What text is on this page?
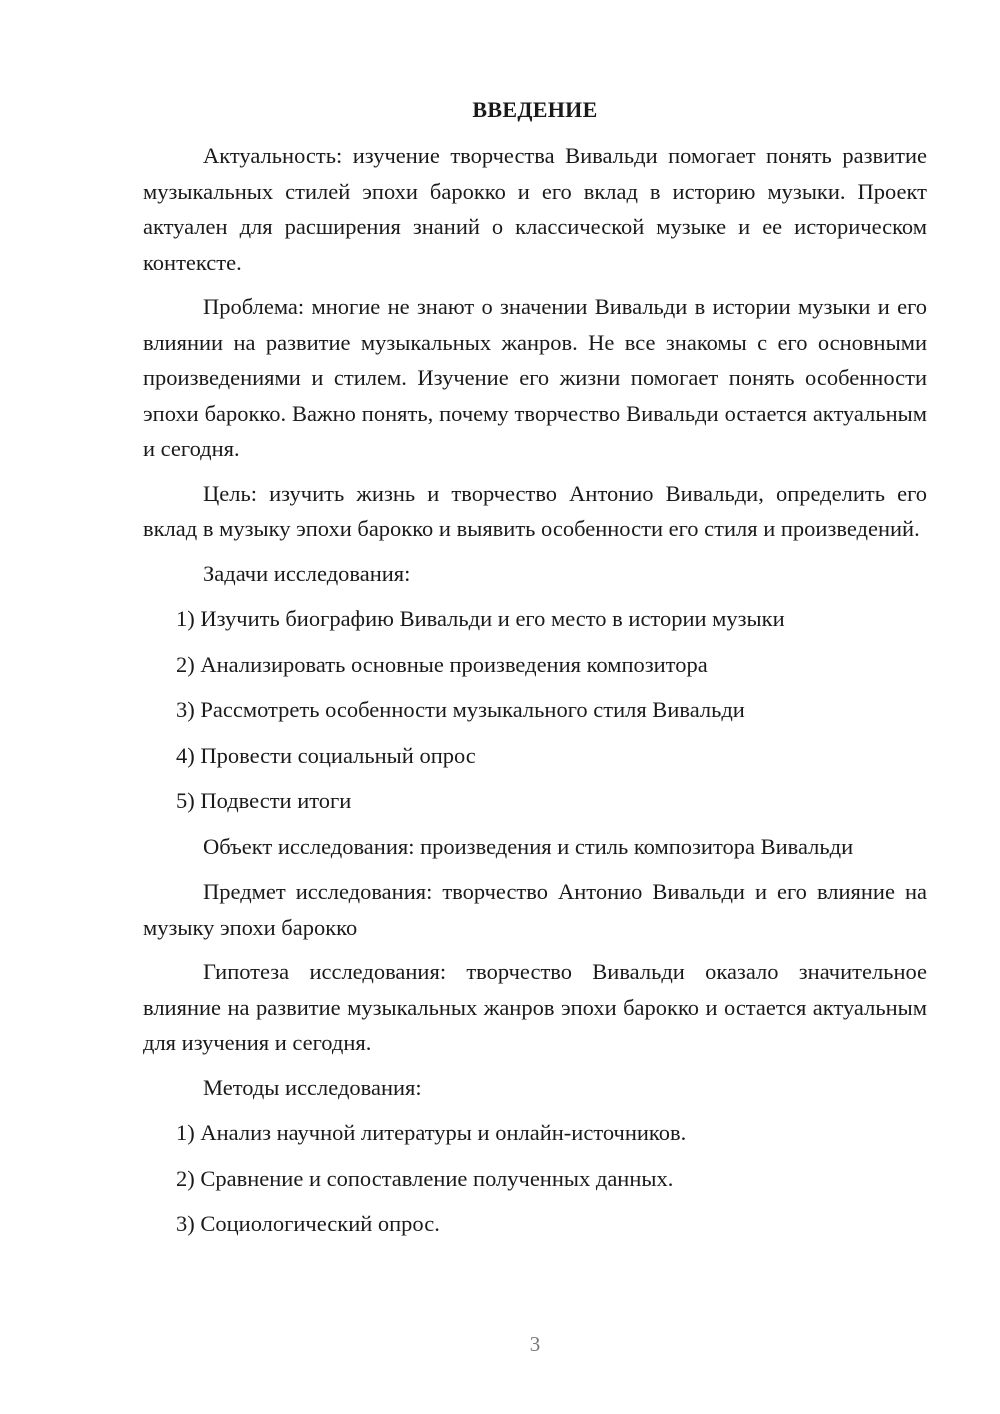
ВВЕДЕНИЕ

Актуальность: изучение творчества Вивальди помогает понять развитие музыкальных стилей эпохи барокко и его вклад в историю музыки. Проект актуален для расширения знаний о классической музыке и ее историческом контексте.

Проблема: многие не знают о значении Вивальди в истории музыки и его влиянии на развитие музыкальных жанров. Не все знакомы с его основными произведениями и стилем. Изучение его жизни помогает понять особенности эпохи барокко. Важно понять, почему творчество Вивальди остается актуальным и сегодня.

Цель: изучить жизнь и творчество Антонио Вивальди, определить его вклад в музыку эпохи барокко и выявить особенности его стиля и произведений.

Задачи исследования:

1) Изучить биографию Вивальди и его место в истории музыки
2) Анализировать основные произведения композитора
3) Рассмотреть особенности музыкального стиля Вивальди
4) Провести социальный опрос
5) Подвести итоги

Объект исследования: произведения и стиль композитора Вивальди

Предмет исследования: творчество Антонио Вивальди и его влияние на музыку эпохи барокко

Гипотеза исследования: творчество Вивальди оказало значительное влияние на развитие музыкальных жанров эпохи барокко и остается актуальным для изучения и сегодня.

Методы исследования:

1) Анализ научной литературы и онлайн-источников.
2) Сравнение и сопоставление полученных данных.
3) Социологический опрос.
3
